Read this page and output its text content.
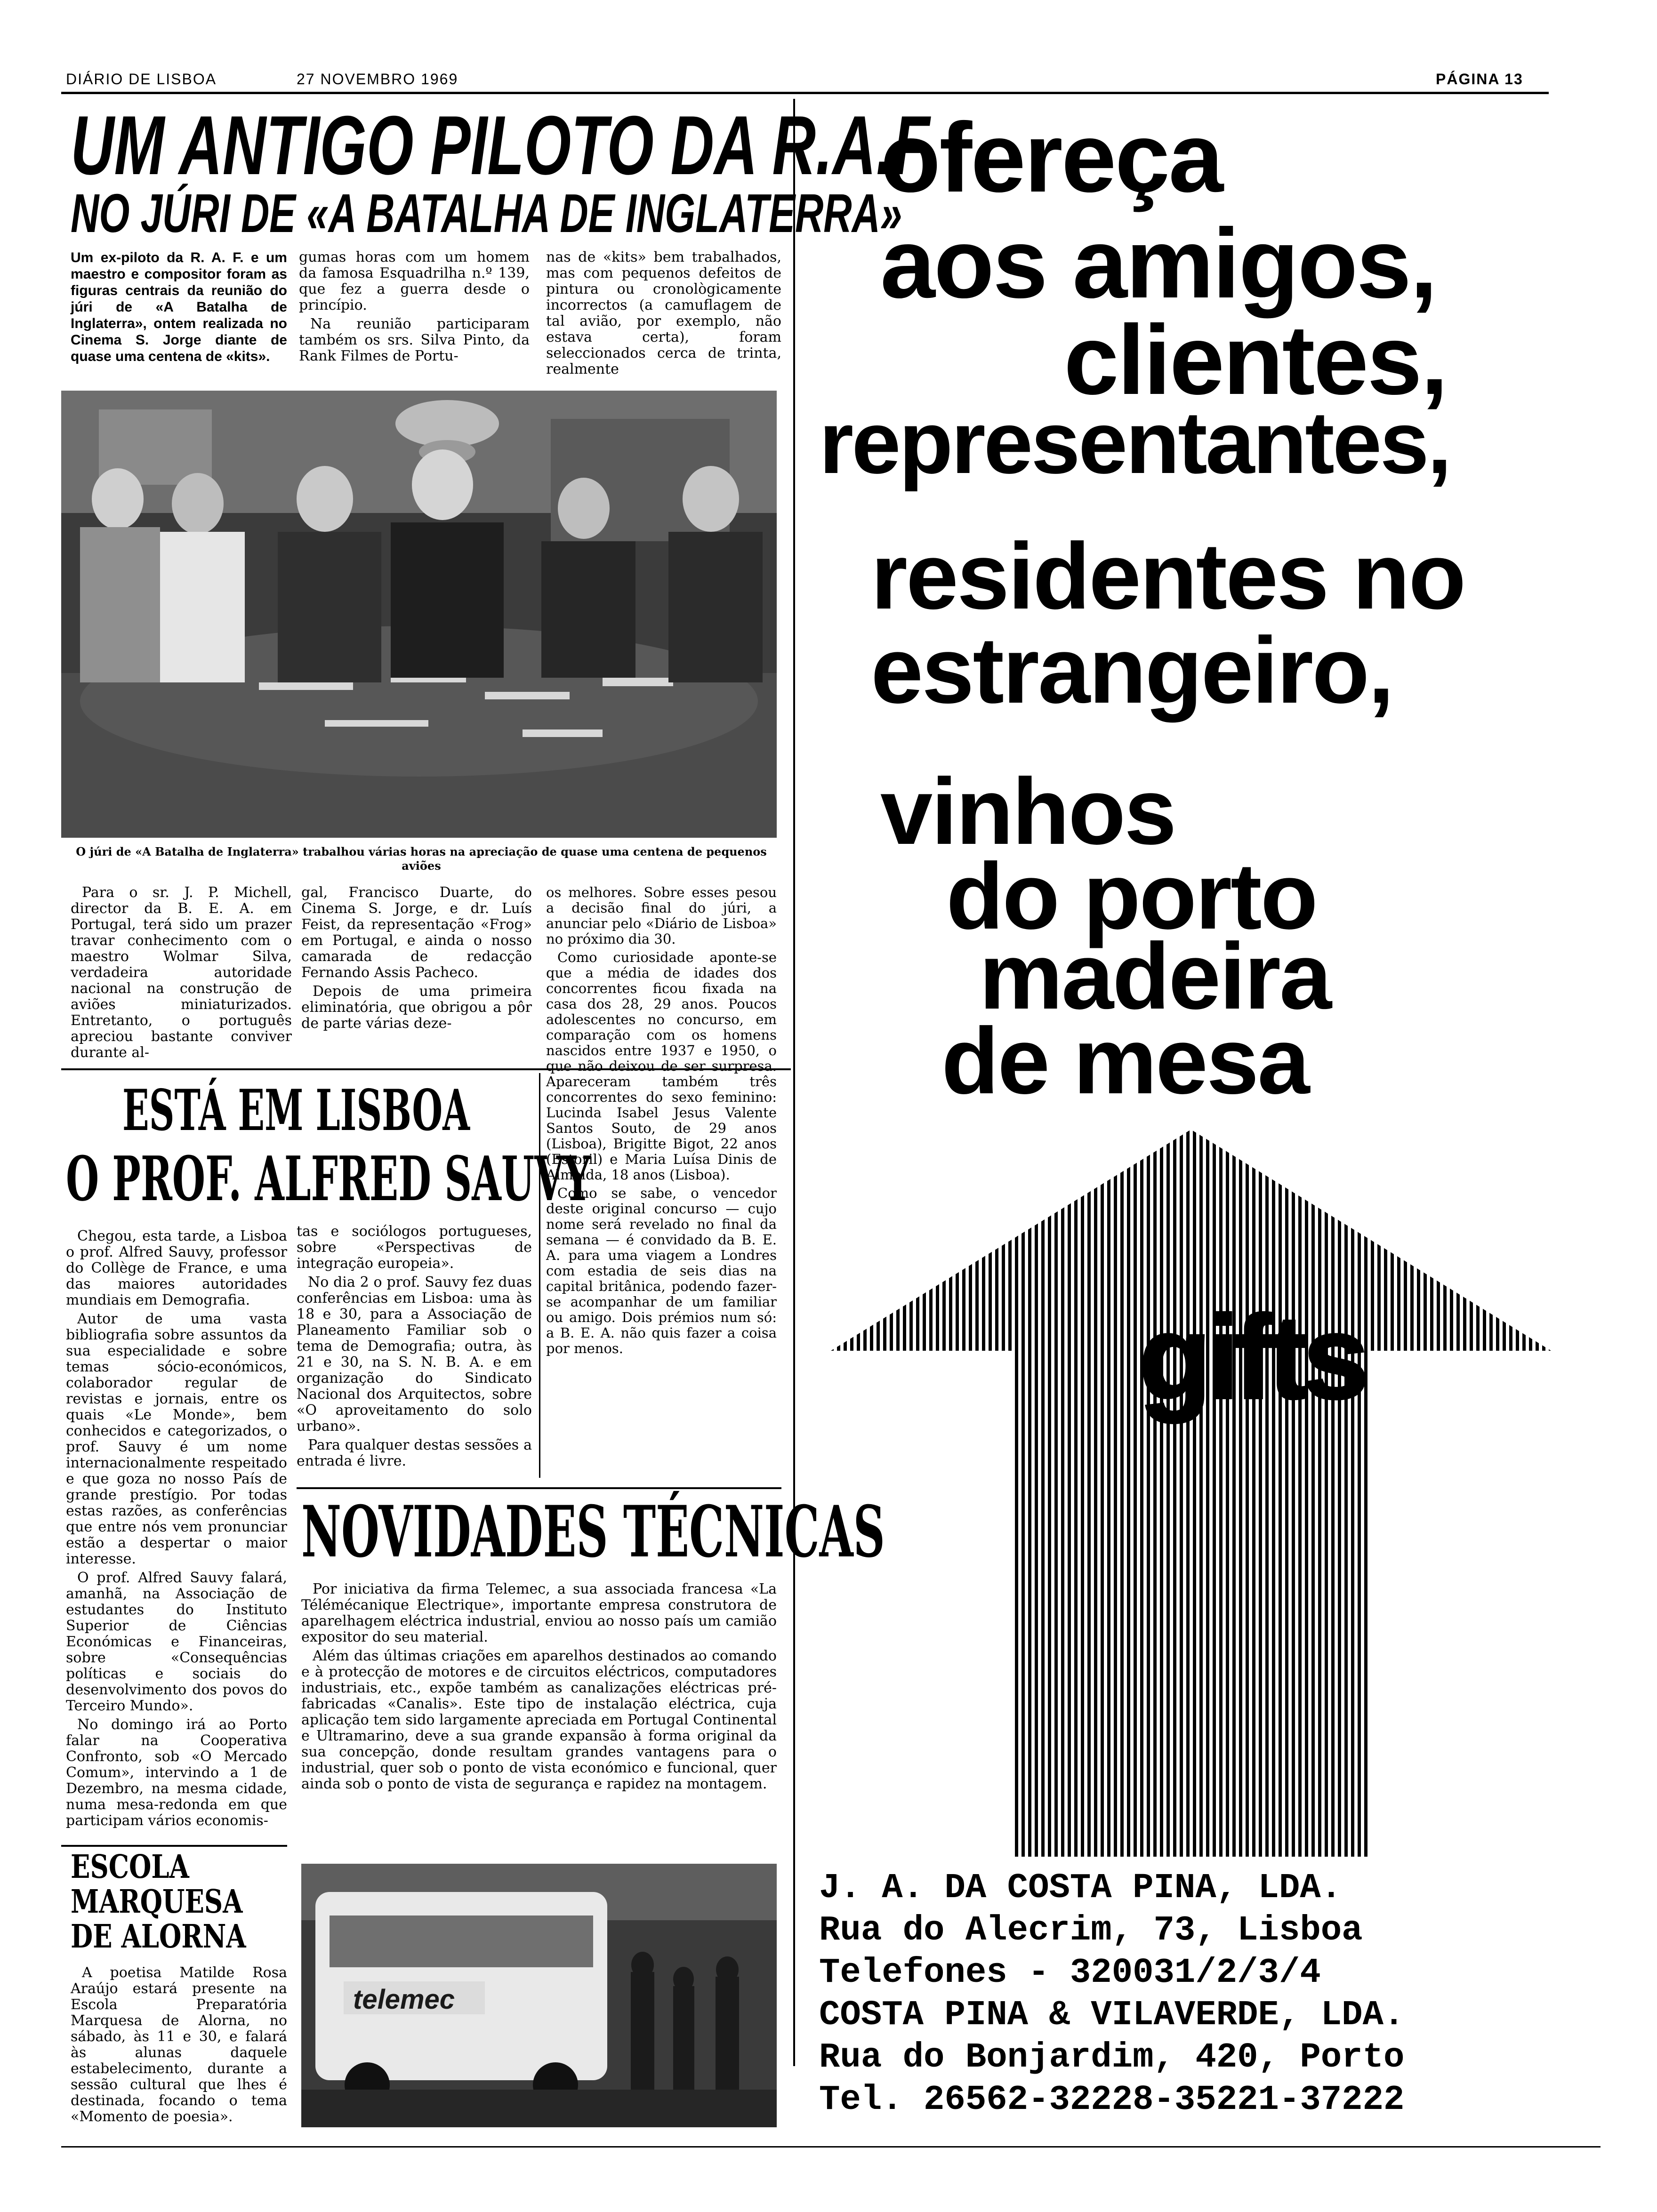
DIÁRIO DE LISBOA	27 NOVEMBRO 1969	PÁGINA 13
UM ANTIGO PILOTO DA R.A.F.
NO JÚRI DE «A BATALHA DE INGLATERRA»
Um ex-piloto da R. A. F. e um maestro e compositor foram as figuras centrais da reunião do júri de «A Batalha de Inglaterra», ontem realizada no Cinema S. Jorge diante de quase uma centena de «kits».

gumas horas com um homem da famosa Esquadrilha n.º 139, que fez a guerra desde o princípio.

Na reunião participaram também os srs. Silva Pinto, da Rank Filmes de Portu-

nas de «kits» bem trabalhados, mas com pequenos defeitos de pintura ou cronològicamente incorrectos (a camuflagem de tal avião, por exemplo, não estava certa), foram seleccionados cerca de trinta, realmente

O júri de «A Batalha de Inglaterra» trabalhou várias horas na apreciação de quase uma centena de pequenos aviões

Para o sr. J. P. Michell, director da B. E. A. em Portugal, terá sido um prazer travar conhecimento com o maestro Wolmar Silva, verdadeira autoridade nacional na construção de aviões miniaturizados. Entretanto, o português apreciou bastante conviver durante al-

gal, Francisco Duarte, do Cinema S. Jorge, e dr. Luís Feist, da representação «Frog» em Portugal, e ainda o nosso camarada de redacção Fernando Assis Pacheco.

Depois de uma primeira eliminatória, que obrigou a pôr de parte várias deze-

os melhores. Sobre esses pesou a decisão final do júri, a anunciar pelo «Diário de Lisboa» no próximo dia 30.

Como curiosidade aponte-se que a média de idades dos concorrentes ficou fixada na casa dos 28, 29 anos. Poucos adolescentes no concurso, em comparação com os homens nascidos entre 1937 e 1950, o que não deixou de ser surpresa. Apareceram também três concorrentes do sexo feminino: Lucinda Isabel Jesus Valente Santos Souto, de 29 anos (Lisboa), Brigitte Bigot, 22 anos (Estoril) e Maria Luísa Dinis de Almeida, 18 anos (Lisboa).

Como se sabe, o vencedor deste original concurso — cujo nome será revelado no final da semana — é convidado da B. E. A. para uma viagem a Londres com estadia de seis dias na capital britânica, podendo fazer-se acompanhar de um familiar ou amigo. Dois prémios num só: a B. E. A. não quis fazer a coisa por menos.

ESTÁ EM LISBOA
O PROF. ALFRED SAUVY

Chegou, esta tarde, a Lisboa o prof. Alfred Sauvy, professor do Collège de France, e uma das maiores autoridades mundiais em Demografia.

Autor de uma vasta bibliografia sobre assuntos da sua especialidade e sobre temas sócio-económicos, colaborador regular de revistas e jornais, entre os quais «Le Monde», bem conhecidos e categorizados, o prof. Sauvy é um nome internacionalmente respeitado e que goza no nosso País de grande prestígio. Por todas estas razões, as conferências que entre nós vem pronunciar estão a despertar o maior interesse.

O prof. Alfred Sauvy falará, amanhã, na Associação de estudantes do Instituto Superior de Ciências Económicas e Financeiras, sobre «Consequências políticas e sociais do desenvolvimento dos povos do Terceiro Mundo».

No domingo irá ao Porto falar na Cooperativa Confronto, sob «O Mercado Comum», intervindo a 1 de Dezembro, na mesma cidade, numa mesa-redonda em que participam vários economis-

tas e sociólogos portugueses, sobre «Perspectivas de integração europeia».

No dia 2 o prof. Sauvy fez duas conferências em Lisboa: uma às 18 e 30, para a Associação de Planeamento Familiar sob o tema de Demografia; outra, às 21 e 30, na S. N. B. A. e em organização do Sindicato Nacional dos Arquitectos, sobre «O aproveitamento do solo urbano».

Para qualquer destas sessões a entrada é livre.

NOVIDADES TÉCNICAS

Por iniciativa da firma Telemec, a sua associada francesa «La Télémécanique Electrique», importante empresa construtora de aparelhagem eléctrica industrial, enviou ao nosso país um camião expositor do seu material.

Além das últimas criações em aparelhos destinados ao comando e à protecção de motores e de circuitos eléctricos, computadores industriais, etc., expõe também as canalizações eléctricas pré-fabricadas «Canalis». Este tipo de instalação eléctrica, cuja aplicação tem sido largamente apreciada em Portugal Continental e Ultramarino, deve a sua grande expansão à forma original da sua concepção, donde resultam grandes vantagens para o industrial, quer sob o ponto de vista económico e funcional, quer ainda sob o ponto de vista de segurança e rapidez na montagem.

telemec
ESCOLA
MARQUESA
DE ALORNA

A poetisa Matilde Rosa Araújo estará presente na Escola Preparatória Marquesa de Alorna, no sábado, às 11 e 30, e falará às alunas daquele estabelecimento, durante a sessão cultural que lhes é destinada, focando o tema «Momento de poesia».

ofereça
aos amigos,
clientes,
representantes,
residentes no
estrangeiro,
vinhos
do porto
madeira
de mesa
gifts
J. A. DA COSTA PINA, LDA.
Rua do Alecrim, 73, Lisboa
Telefones - 320031/2/3/4
COSTA PINA & VILAVERDE, LDA.
Rua do Bonjardim, 420, Porto
Tel. 26562-32228-35221-37222
